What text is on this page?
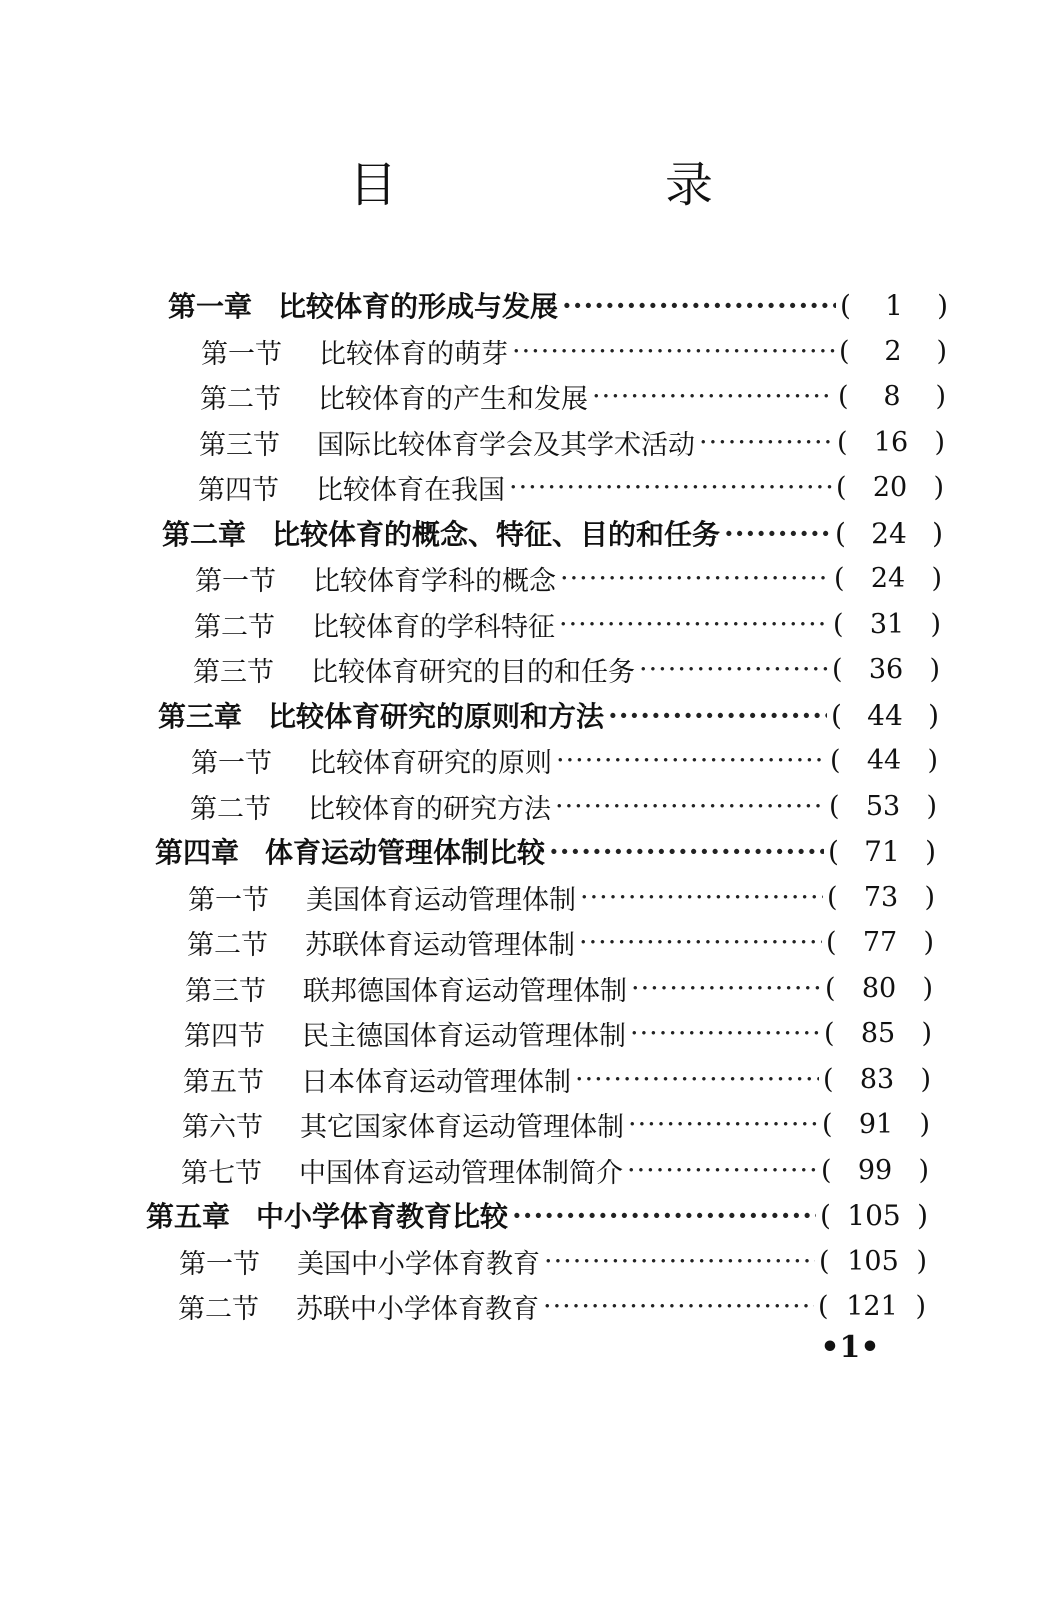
目　录
第一章 比较体育的形成与发展 ·····	(	1	)
第一节	比较体育的萌芽 ·····	(	2	)
第二节	比较体育的产生和发展 ·····	(	8	)
第三节	国际比较体育学会及其学术活动 ·····	( 16 )
第四节	比较体育在我国 ·····	( 20 )
第二章 比较体育的概念、特征、目的和任务 ·····	( 24 )
第一节	比较体育学科的概念 ·····	( 24 )
第二节	比较体育的学科特征 ·····	( 31 )
第三节	比较体育研究的目的和任务 ·····	( 36 )
第三章 比较体育研究的原则和方法 ·····	( 44 )
第一节	比较体育研究的原则 ·····	( 44 )
第二节	比较体育的研究方法 ·····	( 53 )
第四章 体育运动管理体制比较 ·····	( 71 )
第一节	美国体育运动管理体制 ·····	( 73 )
第二节	苏联体育运动管理体制 ·····	( 77 )
第三节	联邦德国体育运动管理体制 ·····	( 80 )
第四节	民主德国体育运动管理体制 ·····	( 85 )
第五节	日本体育运动管理体制 ·····	( 83 )
第六节	其它国家体育运动管理体制 ·····	( 91 )
第七节	中国体育运动管理体制简介 ·····	( 99 )
第五章 中小学体育教育比较 ·····	( 105 )
第一节	美国中小学体育教育 ·····	( 105 )
第二节	苏联中小学体育教育 ·····	( 121 )
•1•
